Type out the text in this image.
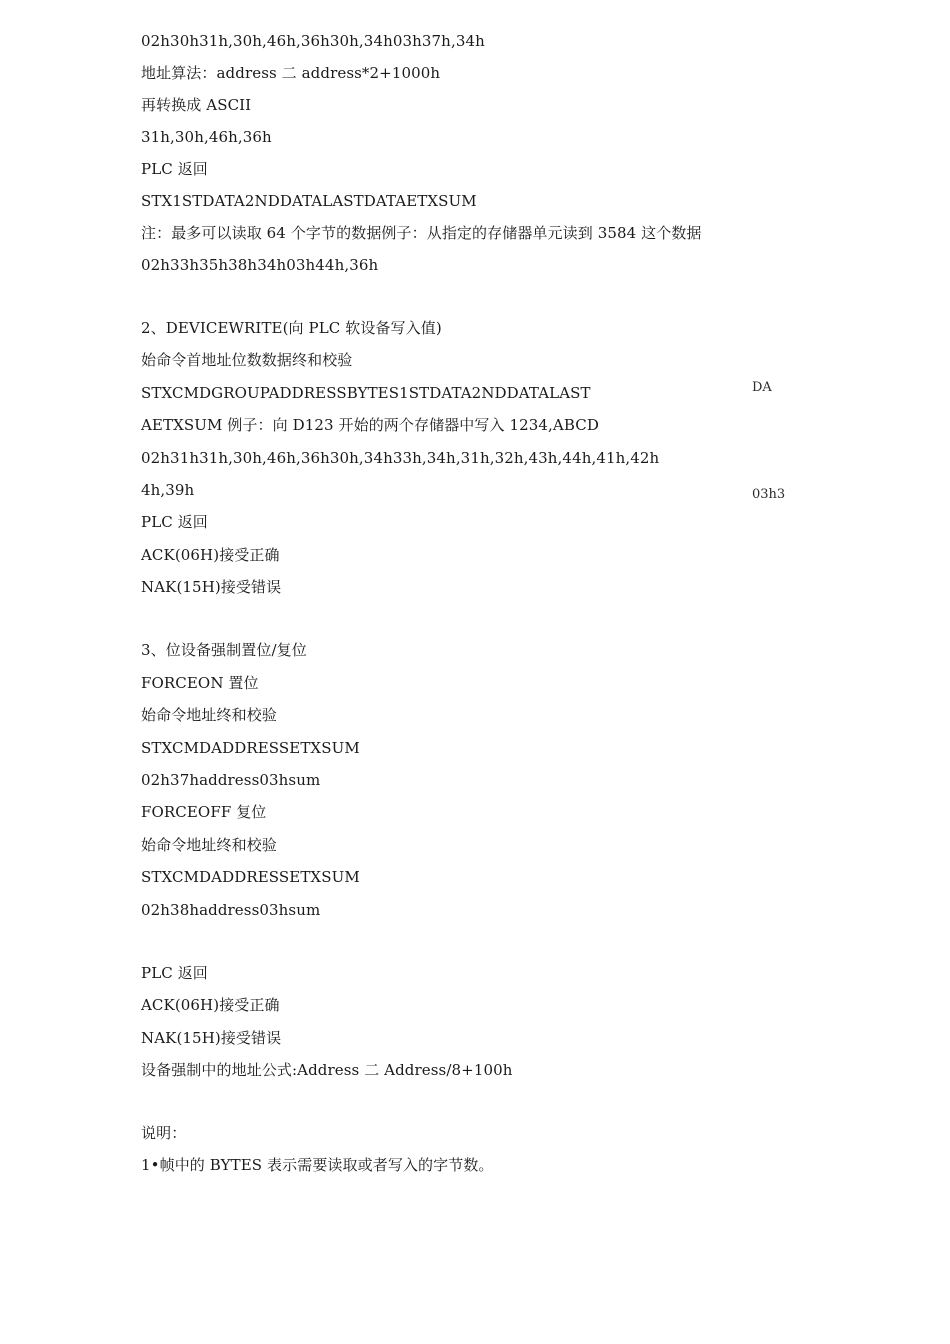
02h30h31h,30h,46h,36h30h,34h03h37h,34h
地址算法：address 二 address*2+1000h
再转换成 ASCII
31h,30h,46h,36h
PLC 返回
STX1STDATA2NDDATALASTDATAETXSUM
注：最多可以读取 64 个字节的数据例子：从指定的存储器单元读到 3584 这个数据
02h33h35h38h34h03h44h,36h
2、DEVICEWRITE(向 PLC 软设备写入值)
始命令首地址位数数据终和校验
STXCMDGROUPADDRESSBYTES1STDATA2NDDATALAST
AETXSUM 例子：向 D123 开始的两个存储器中写入 1234,ABCD
02h31h31h,30h,46h,36h30h,34h33h,34h,31h,32h,43h,44h,41h,42h
4h,39h
PLC 返回
ACK(06H)接受正确
NAK(15H)接受错误
3、位设备强制置位/复位
FORCEON 置位
始命令地址终和校验
STXCMDADDRESSETXSUM
02h37haddress03hsum
FORCEOFF 复位
始命令地址终和校验
STXCMDADDRESSETXSUM
02h38haddress03hsum
PLC 返回
ACK(06H)接受正确
NAK(15H)接受错误
设备强制中的地址公式:Address 二 Address/8+100h
说明：
1•帧中的 BYTES 表示需要读取或者写入的字节数。
DA
03h3
